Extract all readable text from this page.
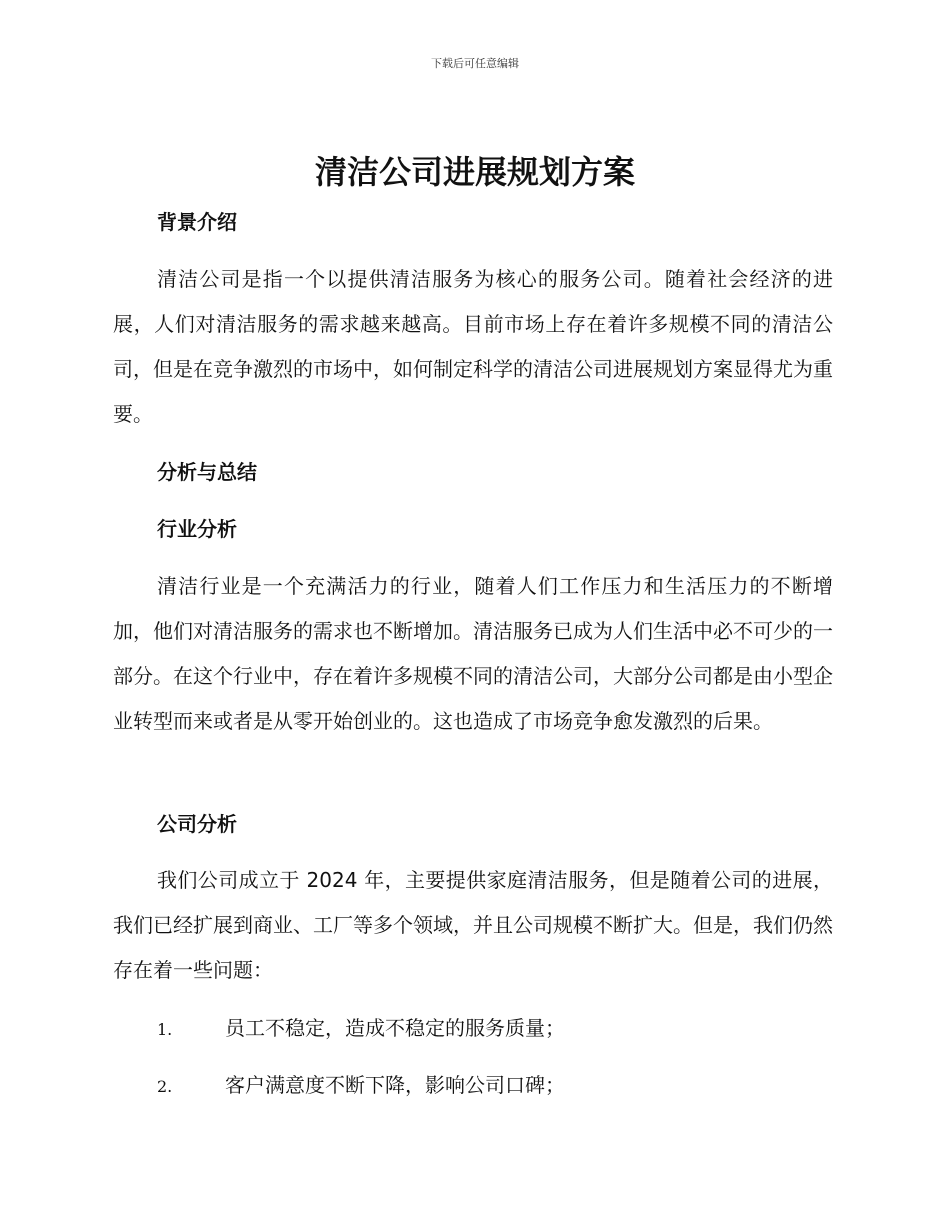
下载后可任意编辑
清洁公司进展规划方案
背景介绍

清洁公司是指一个以提供清洁服务为核心的服务公司。随着社会经济的进展，人们对清洁服务的需求越来越高。目前市场上存在着许多规模不同的清洁公司，但是在竞争激烈的市场中，如何制定科学的清洁公司进展规划方案显得尤为重要。

分析与总结
行业分析

清洁行业是一个充满活力的行业，随着人们工作压力和生活压力的不断增加，他们对清洁服务的需求也不断增加。清洁服务已成为人们生活中必不可少的一部分。在这个行业中，存在着许多规模不同的清洁公司，大部分公司都是由小型企业转型而来或者是从零开始创业的。这也造成了市场竞争愈发激烈的后果。

公司分析

我们公司成立于 2024 年，主要提供家庭清洁服务，但是随着公司的进展，我们已经扩展到商业、工厂等多个领域，并且公司规模不断扩大。但是，我们仍然存在着一些问题：

1.	员工不稳定，造成不稳定的服务质量；
2.	客户满意度不断下降，影响公司口碑；
